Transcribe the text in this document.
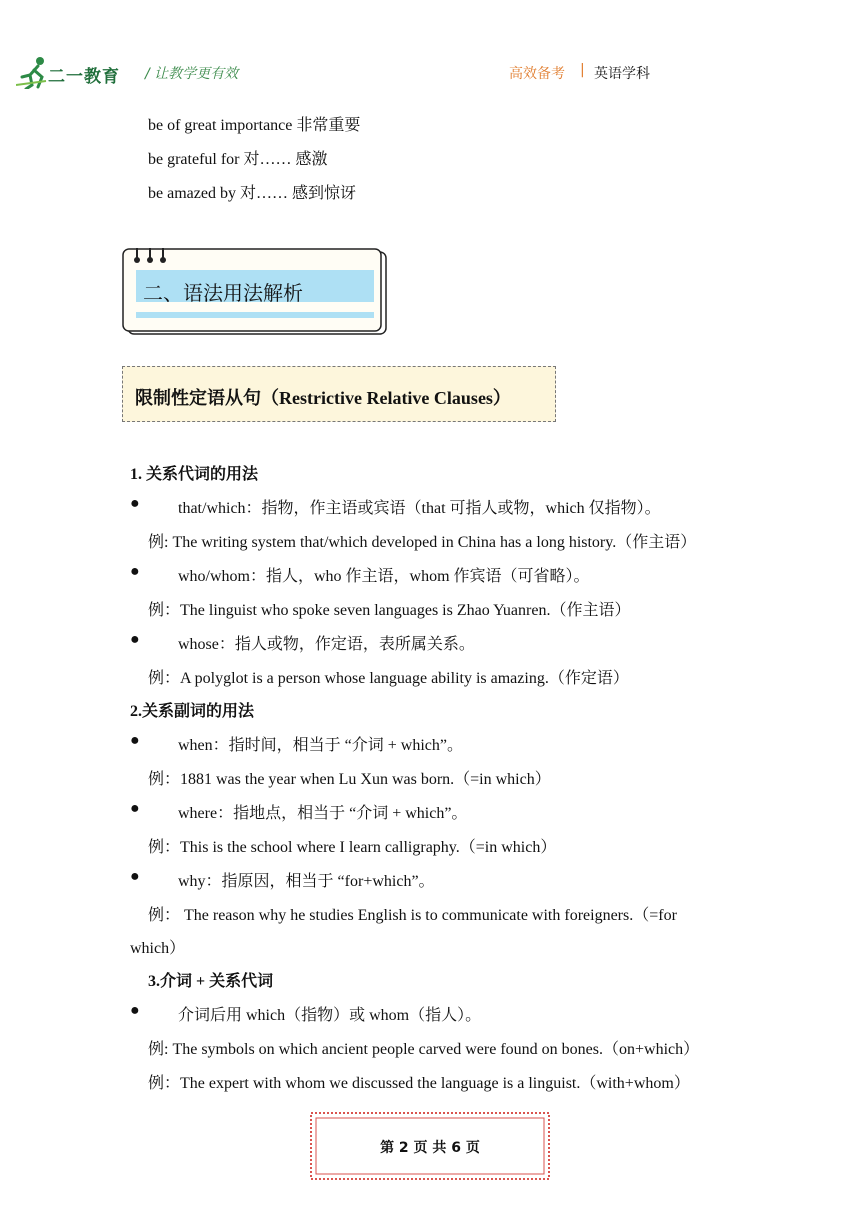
二一教育 / 让教学更有效	高效备考 | 英语学科
be of great importance 非常重要
be grateful for 对…… 感激
be amazed by 对…… 感到惊讶
二、语法用法解析
限制性定语从句（Restrictive Relative Clauses）
1. 关系代词的用法
● that/which：指物，作主语或宾语（that 可指人或物，which 仅指物）。
例: The writing system that/which developed in China has a long history.（作主语）
● who/whom：指人，who 作主语，whom 作宾语（可省略）。
例：The linguist who spoke seven languages is Zhao Yuanren.（作主语）
● whose：指人或物，作定语，表所属关系。
例：A polyglot is a person whose language ability is amazing.（作定语）
2.关系副词的用法
● when：指时间，相当于 “介词 + which”。
例：1881 was the year when Lu Xun was born.（=in which）
● where：指地点，相当于 “介词 + which”。
例：This is the school where I learn calligraphy.（=in which）
● why：指原因，相当于 “for+which”。
例： The reason why he studies English is to communicate with foreigners.（=for
which）
3.介词 + 关系代词
● 介词后用 which（指物）或 whom（指人）。
例: The symbols on which ancient people carved were found on bones.（on+which）
例：The expert with whom we discussed the language is a linguist.（with+whom）
第 2 页 共 6 页
